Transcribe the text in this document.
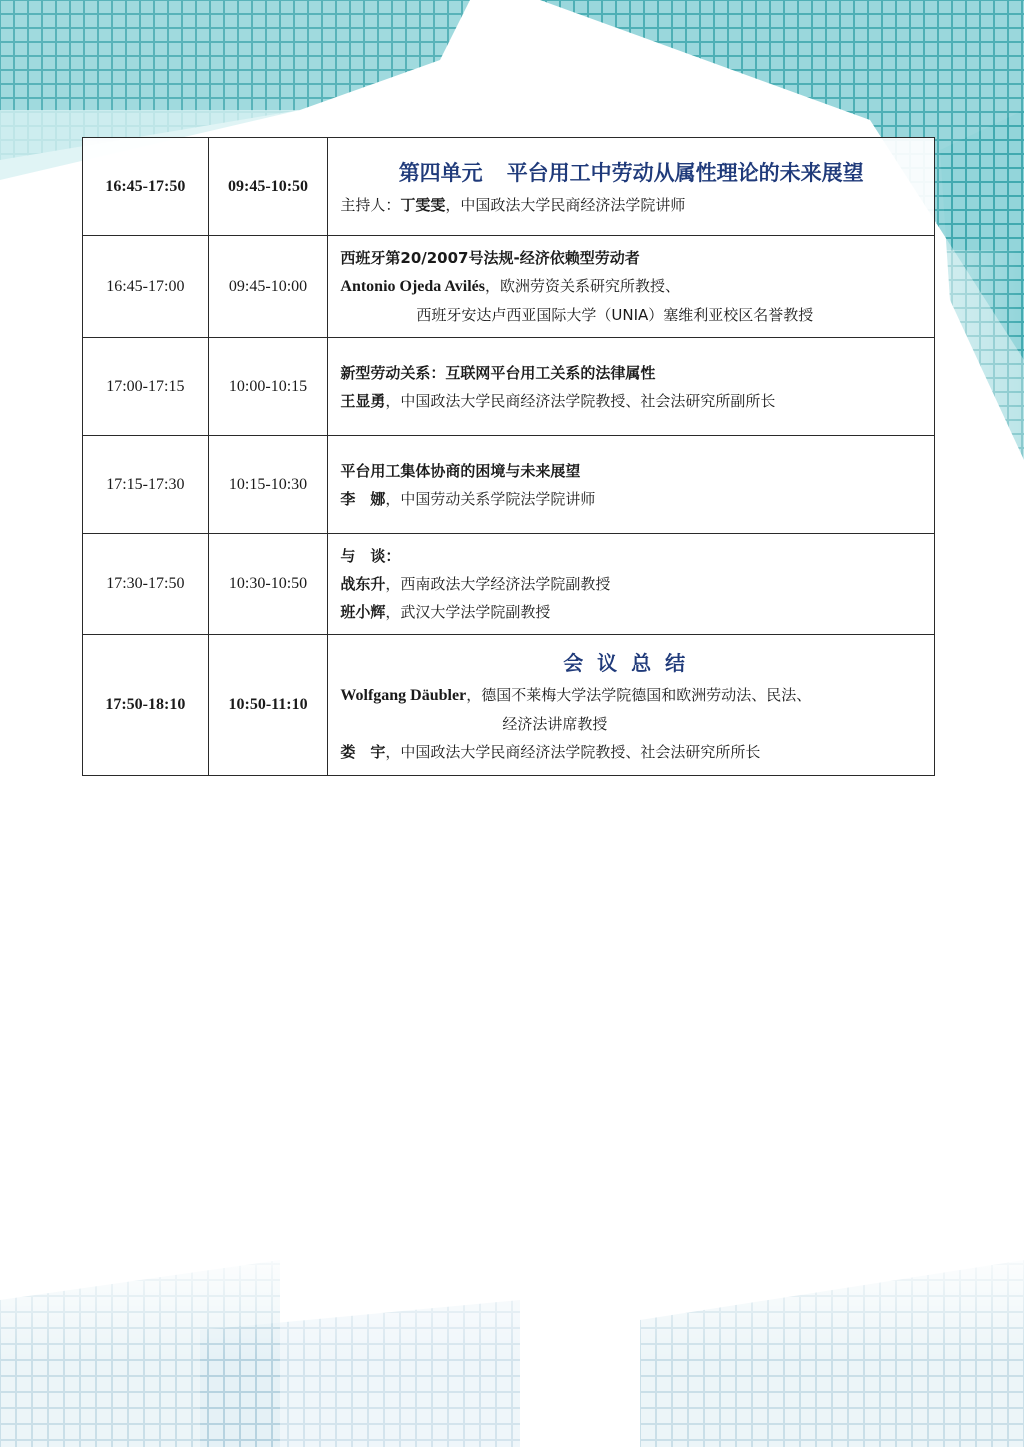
16:45-17:50	09:45-10:50	第四单元 平台用工中劳动从属性理论的未来展望
主持人：丁雯雯，中国政法大学民商经济法学院讲师

16:45-17:00	09:45-10:00	西班牙第20/2007号法规-经济依赖型劳动者
Antonio Ojeda Avilés，欧洲劳资关系研究所教授、
西班牙安达卢西亚国际大学（UNIA）塞维利亚校区名誉教授

17:00-17:15	10:00-10:15	新型劳动关系：互联网平台用工关系的法律属性
王显勇，中国政法大学民商经济法学院教授、社会法研究所副所长

17:15-17:30	10:15-10:30	平台用工集体协商的困境与未来展望
李　娜，中国劳动关系学院法学院讲师

17:30-17:50	10:30-10:50	与　谈：
战东升，西南政法大学经济法学院副教授
班小辉，武汉大学法学院副教授

17:50-18:10	10:50-11:10	会议总结
Wolfgang Däubler，德国不莱梅大学法学院德国和欧洲劳动法、民法、
经济法讲席教授
娄　宇，中国政法大学民商经济法学院教授、社会法研究所所长
